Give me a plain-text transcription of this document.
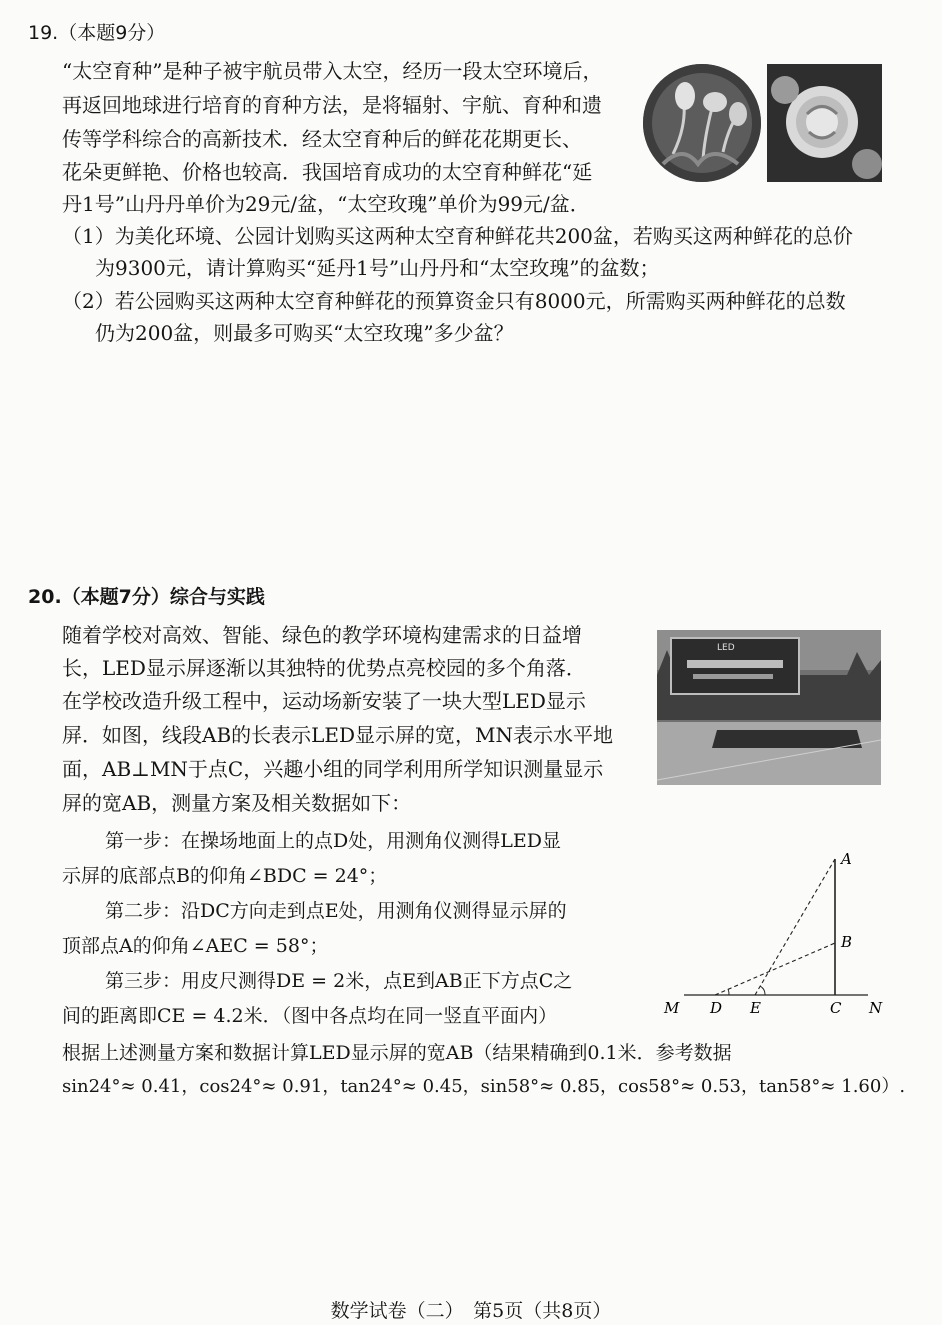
19.（本题9分）
“太空育种”是种子被宇航员带入太空，经历一段太空环境后，
再返回地球进行培育的育种方法，是将辐射、宇航、育种和遗
传等学科综合的高新技术．经太空育种后的鲜花花期更长、
花朵更鲜艳、价格也较高．我国培育成功的太空育种鲜花“延
丹1号”山丹丹单价为29元/盆，“太空玫瑰”单价为99元/盆．
（1）为美化环境、公园计划购买这两种太空育种鲜花共200盆，若购买这两种鲜花的总价
为9300元，请计算购买“延丹1号”山丹丹和“太空玫瑰”的盆数；
（2）若公园购买这两种太空育种鲜花的预算资金只有8000元，所需购买两种鲜花的总数
仍为200盆，则最多可购买“太空玫瑰”多少盆？
20.（本题7分）综合与实践
随着学校对高效、智能、绿色的教学环境构建需求的日益增
长，LED显示屏逐渐以其独特的优势点亮校园的多个角落．
在学校改造升级工程中，运动场新安装了一块大型LED显示
屏．如图，线段AB的长表示LED显示屏的宽，MN表示水平地
面，AB⊥MN于点C，兴趣小组的同学利用所学知识测量显示
屏的宽AB，测量方案及相关数据如下：
第一步：在操场地面上的点D处，用测角仪测得LED显
示屏的底部点B的仰角∠BDC = 24°；
第二步：沿DC方向走到点E处，用测角仪测得显示屏的
顶部点A的仰角∠AEC = 58°；
第三步：用皮尺测得DE = 2米，点E到AB正下方点C之
间的距离即CE = 4.2米．（图中各点均在同一竖直平面内）
根据上述测量方案和数据计算LED显示屏的宽AB（结果精确到0.1米．参考数据
sin24°≈ 0.41，cos24°≈ 0.91，tan24°≈ 0.45，sin58°≈ 0.85，cos58°≈ 0.53，tan58°≈ 1.60）.
LED
A
B
M D E	C N
数学试卷（二）　第5页（共8页）
